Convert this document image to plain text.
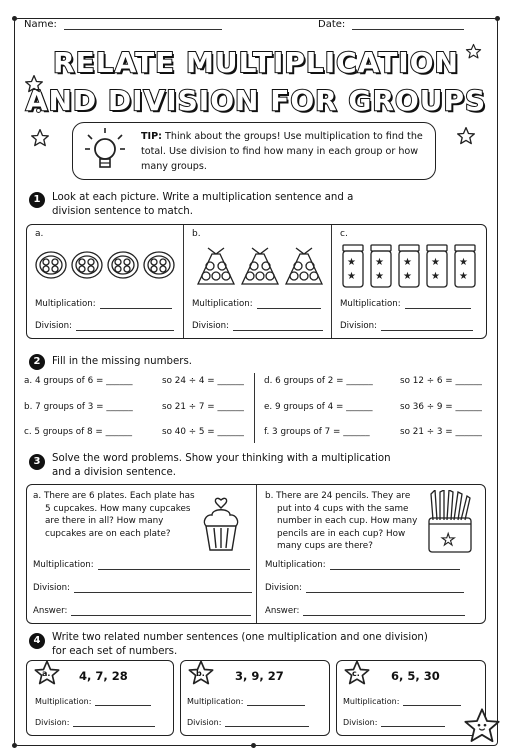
Name:	Date:
RELATE MULTIPLICATION
AND DIVISION FOR GROUPS
TIP: Think about the groups! Use multiplication to find the total. Use division to find how many in each group or how many groups.
1	Look at each picture. Write a multiplication sentence and a division sentence to match.
a.	b.	c.
★
★
★
★
★
★
★
★
★
★
Multiplication:
Division:
Multiplication:
Division:
Multiplication:
Division:
2	Fill in the missing numbers.
a. 4 groups of 6 = ______	so 24 ÷ 4 = ______
b. 7 groups of 3 = ______	so 21 ÷ 7 = ______
c. 5 groups of 8 = ______	so 40 ÷ 5 = ______
d. 6 groups of 2 = ______	so 12 ÷ 6 = ______
e. 9 groups of 4 = ______	so 36 ÷ 9 = ______
f. 3 groups of 7 = ______	so 21 ÷ 3 = ______
3	Solve the word problems. Show your thinking with a multiplication
and a division sentence.
a. There are 6 plates. Each plate has
5 cupcakes. How many cupcakes
are there in all? How many
cupcakes are on each plate?
Multiplication:
Division:
Answer:
b. There are 24 pencils. They are
put into 4 cups with the same
number in each cup. How many
pencils are in each cup? How
many cups are there?	★
Multiplication:
Division:
Answer:
4	Write two related number sentences (one multiplication and one division)
for each set of numbers.
a. 4, 7, 28
Multiplication:
Division:
b.	3, 9, 27
Multiplication:
Division:
c.	6, 5, 30
Multiplication:
Division:
